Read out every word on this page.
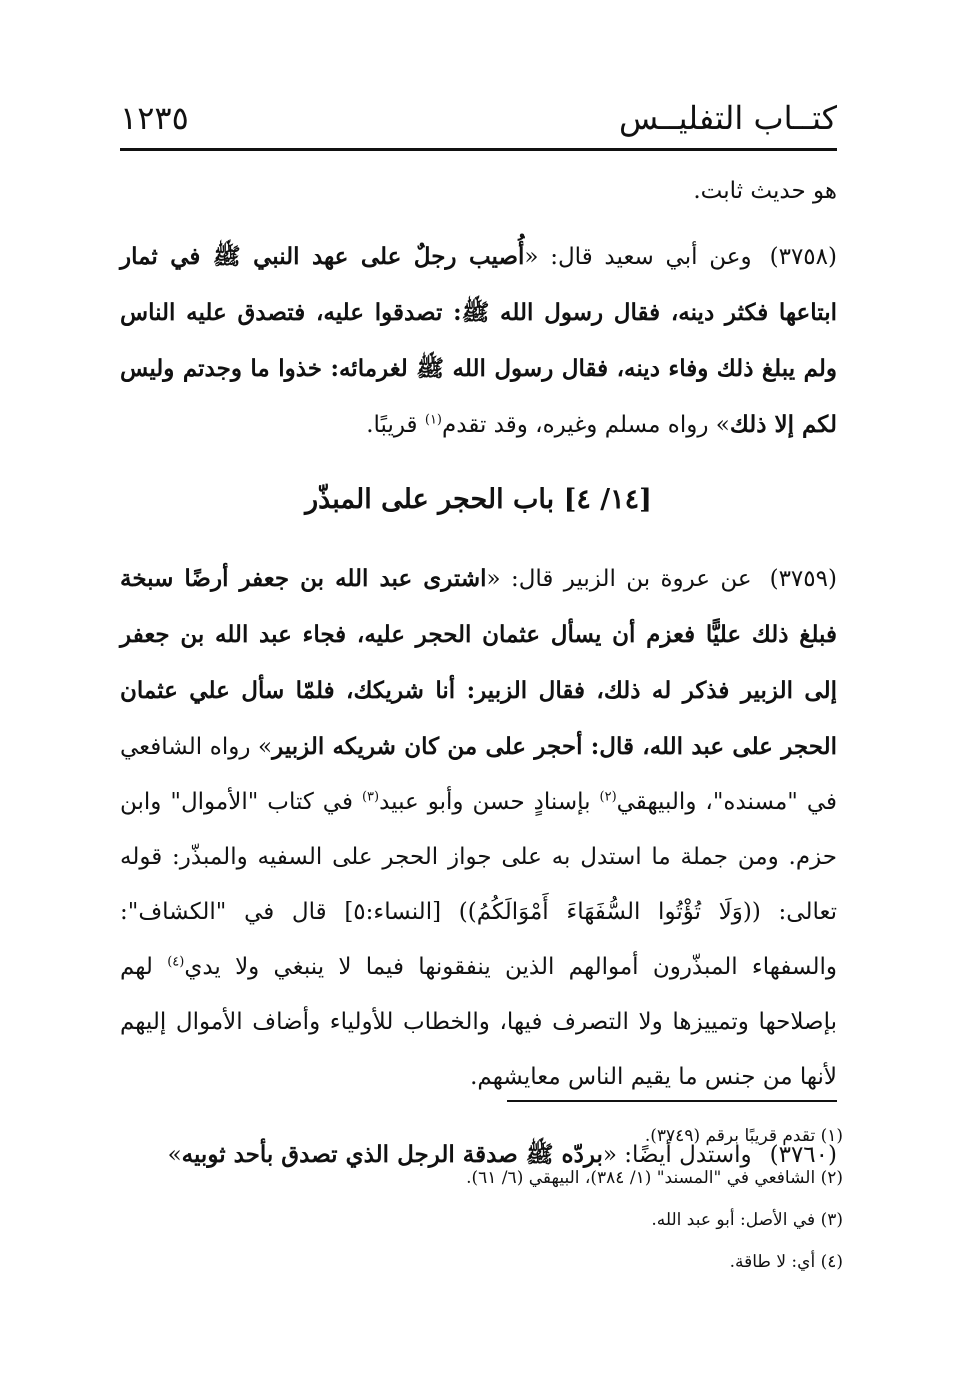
كتــاب التفليــس
١٢٣٥

هو حديث ثابت.

(٣٧٥٨)وعن أبي سعيد قال: «أُصيب رجلٌ على عهد النبي ﷺ في ثمار ابتاعها فكثر دينه، فقال رسول الله ﷺ: تصدقوا عليه، فتصدق عليه الناس ولم يبلغ ذلك وفاء دينه، فقال رسول الله ﷺ لغرمائه: خذوا ما وجدتم وليس لكم إلا ذلك» رواه مسلم وغيره، وقد تقدم$^{(١)}$ قريبًا.

[١٤/ ٤] باب الحجر على المبذّر

(٣٧٥٩)عن عروة بن الزبير قال: «اشترى عبد الله بن جعفر أرضًا سبخة فبلغ ذلك عليًّا فعزم أن يسأل عثمان الحجر عليه، فجاء عبد الله بن جعفر إلى الزبير فذكر له ذلك، فقال الزبير: أنا شريكك، فلمّا سأل علي عثمان الحجر على عبد الله، قال: أحجر على من كان شريكه الزبير» رواه الشافعي في "مسنده"، والبيهقي$^{(٢)}$ بإسنادٍ حسن وأبو عبيد$^{(٣)}$ في كتاب "الأموال" وابن حزم. ومن جملة ما استدل به على جواز الحجر على السفيه والمبذّر: قوله تعالى: ((وَلَا تُؤْتُوا السُّفَهَاءَ أَمْوَالَكُمُ)) [النساء:٥] قال في "الكشاف": والسفهاء المبذّرون أموالهم الذين ينفقونها فيما لا ينبغي ولا يدي$^{(٤)}$ لهم بإصلاحها وتمييزها ولا التصرف فيها، والخطاب للأولياء وأضاف الأموال إليهم لأنها من جنس ما يقيم الناس معايشهم.

(٣٧٦٠)واستدل أيضًا: «بردّه ﷺ صدقة الرجل الذي تصدق بأحد ثوبيه»

(١) تقدم قريبًا برقم (٣٧٤٩).
(٢) الشافعي في "المسند" (١/ ٣٨٤)، البيهقي (٦/ ٦١).
(٣) في الأصل: أبو عبد الله.
(٤) أي: لا طاقة.
